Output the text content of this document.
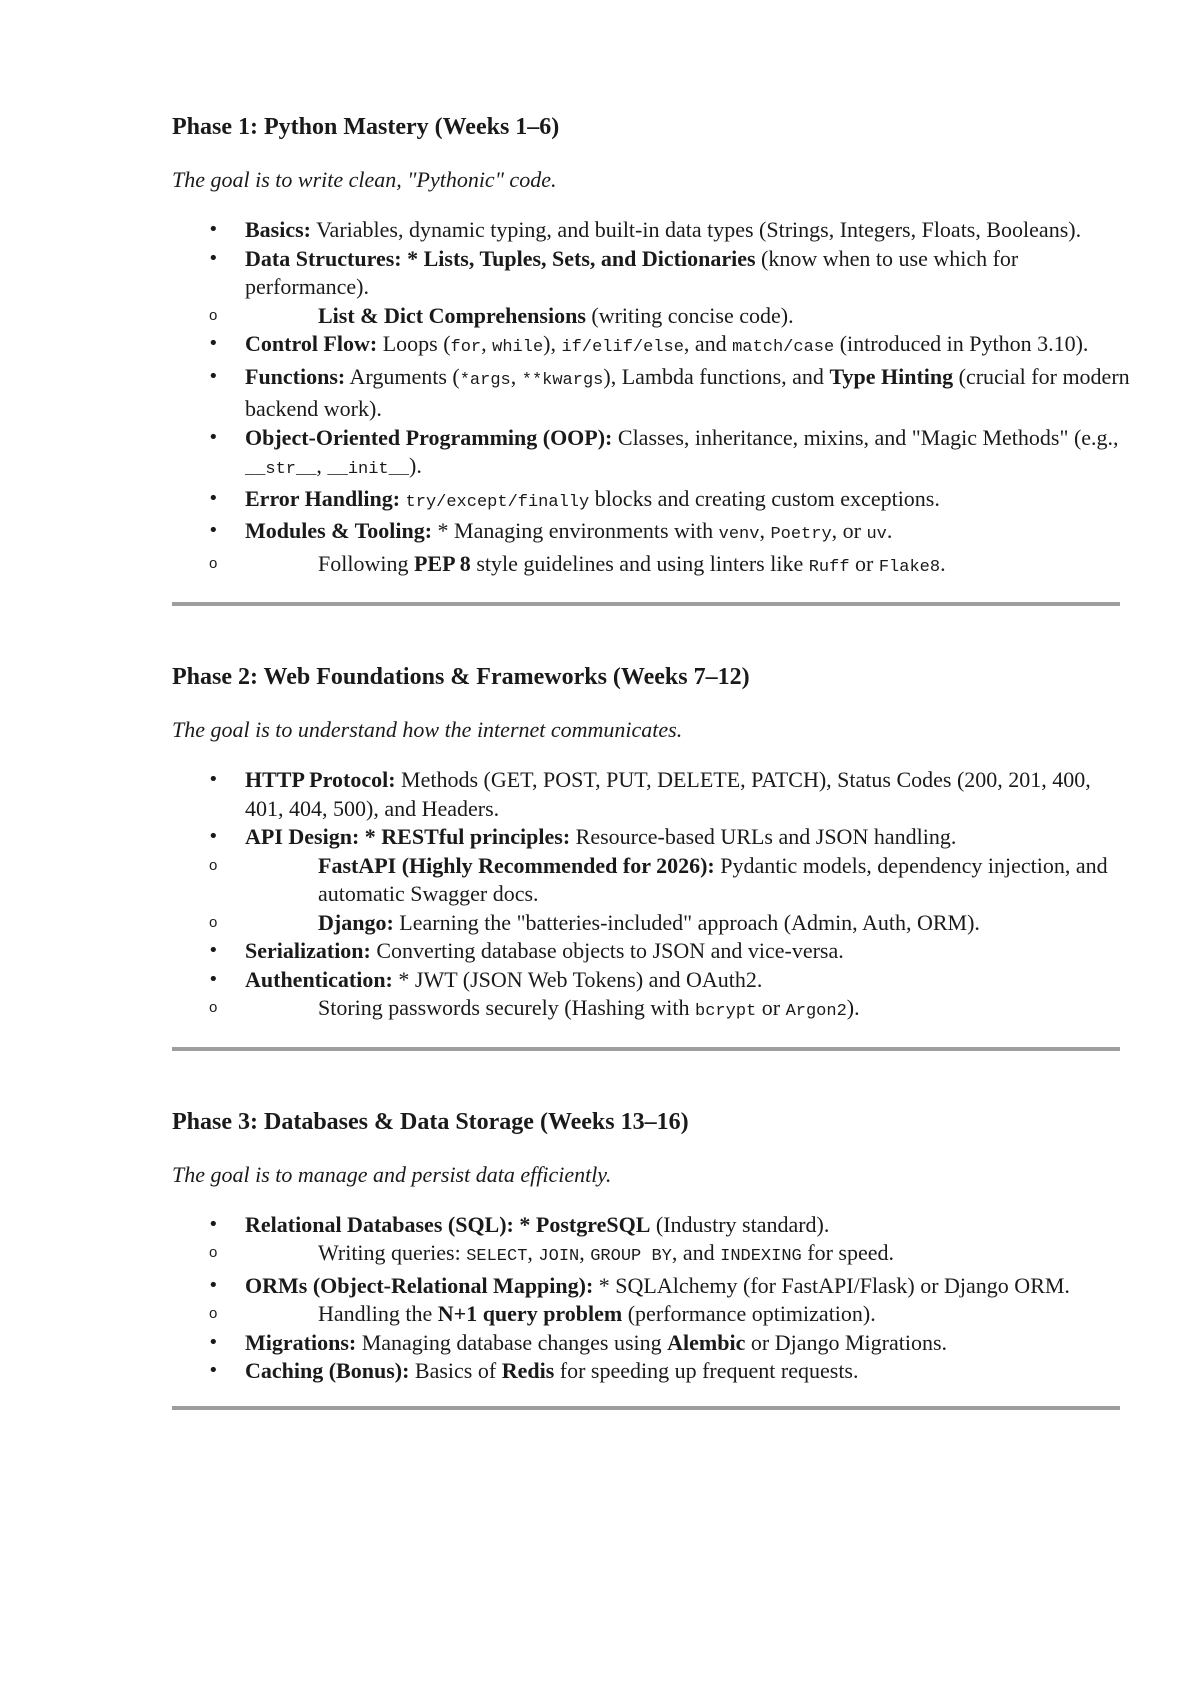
Phase 1: Python Mastery (Weeks 1–6)

The goal is to write clean, "Pythonic" code.

• Basics: Variables, dynamic typing, and built-in data types (Strings, Integers, Floats, Booleans).
• Data Structures: * Lists, Tuples, Sets, and Dictionaries (know when to use which for performance).
o List & Dict Comprehensions (writing concise code).
• Control Flow: Loops (for, while), if/elif/else, and match/case (introduced in Python 3.10).
• Functions: Arguments (*args, **kwargs), Lambda functions, and Type Hinting (crucial for modern backend work).
• Object-Oriented Programming (OOP): Classes, inheritance, mixins, and "Magic Methods" (e.g., __str__, __init__).
• Error Handling: try/except/finally blocks and creating custom exceptions.
• Modules & Tooling: * Managing environments with venv, Poetry, or uv.
o Following PEP 8 style guidelines and using linters like Ruff or Flake8.
Phase 2: Web Foundations & Frameworks (Weeks 7–12)

The goal is to understand how the internet communicates.

• HTTP Protocol: Methods (GET, POST, PUT, DELETE, PATCH), Status Codes (200, 201, 400, 401, 404, 500), and Headers.
• API Design: * RESTful principles: Resource-based URLs and JSON handling.
o FastAPI (Highly Recommended for 2026): Pydantic models, dependency injection, and automatic Swagger docs.
o Django: Learning the "batteries-included" approach (Admin, Auth, ORM).
• Serialization: Converting database objects to JSON and vice-versa.
• Authentication: * JWT (JSON Web Tokens) and OAuth2.
o Storing passwords securely (Hashing with bcrypt or Argon2).
Phase 3: Databases & Data Storage (Weeks 13–16)

The goal is to manage and persist data efficiently.

• Relational Databases (SQL): * PostgreSQL (Industry standard).
o Writing queries: SELECT, JOIN, GROUP BY, and INDEXING for speed.
• ORMs (Object-Relational Mapping): * SQLAlchemy (for FastAPI/Flask) or Django ORM.
o Handling the N+1 query problem (performance optimization).
• Migrations: Managing database changes using Alembic or Django Migrations.
• Caching (Bonus): Basics of Redis for speeding up frequent requests.
